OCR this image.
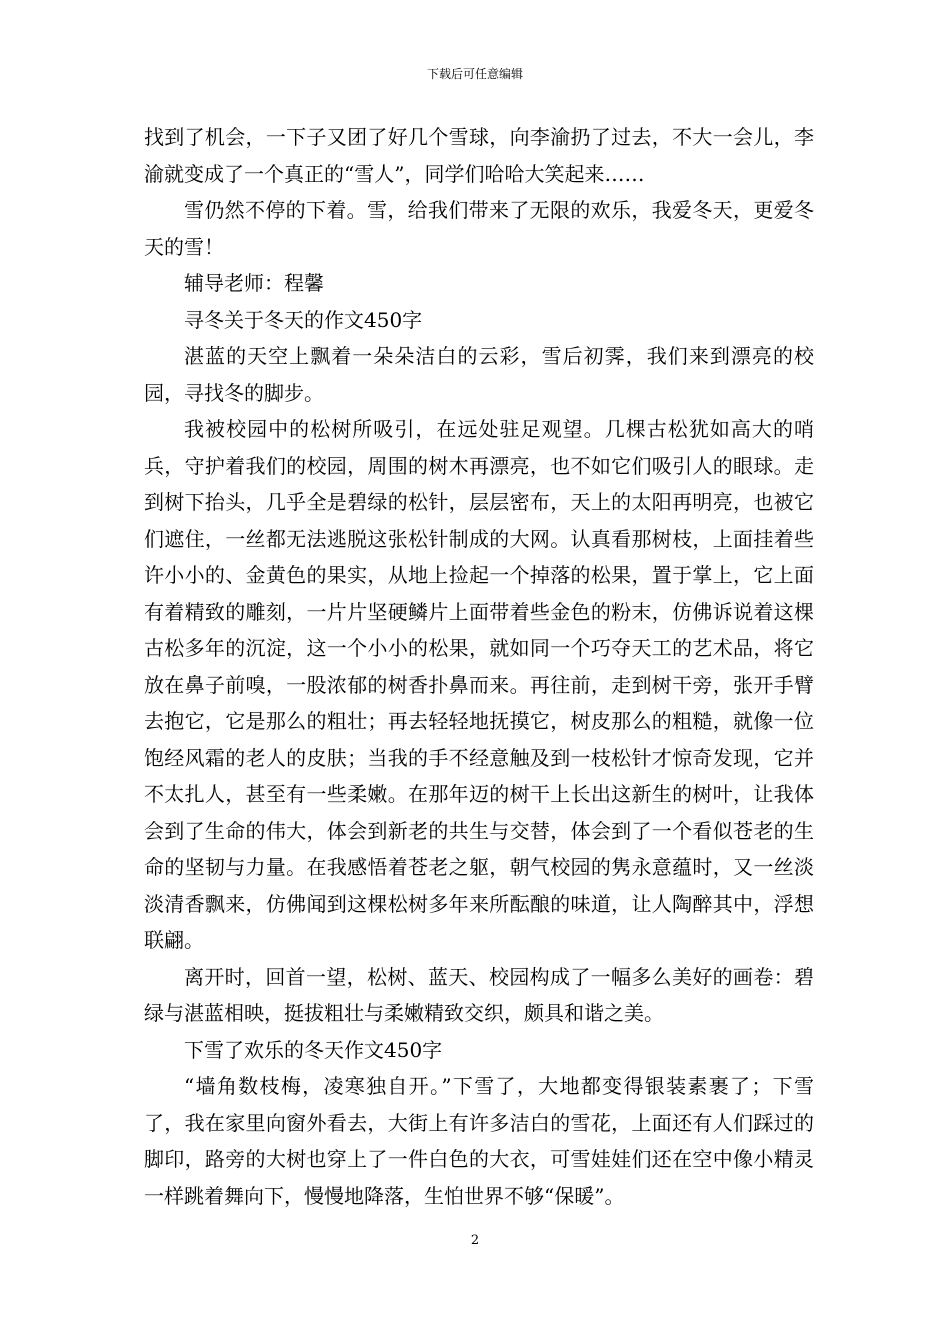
下载后可任意编辑

找到了机会，一下子又团了好几个雪球，向李渝扔了过去，不大一会儿，李渝就变成了一个真正的“雪人”，同学们哈哈大笑起来……

雪仍然不停的下着。雪，给我们带来了无限的欢乐，我爱冬天，更爱冬天的雪！

辅导老师：程馨

寻冬关于冬天的作文450字

湛蓝的天空上飘着一朵朵洁白的云彩，雪后初霁，我们来到漂亮的校园，寻找冬的脚步。

我被校园中的松树所吸引，在远处驻足观望。几棵古松犹如高大的哨兵，守护着我们的校园，周围的树木再漂亮，也不如它们吸引人的眼球。走到树下抬头，几乎全是碧绿的松针，层层密布，天上的太阳再明亮，也被它们遮住，一丝都无法逃脱这张松针制成的大网。认真看那树枝，上面挂着些许小小的、金黄色的果实，从地上捡起一个掉落的松果，置于掌上，它上面有着精致的雕刻，一片片坚硬鳞片上面带着些金色的粉末，仿佛诉说着这棵古松多年的沉淀，这一个小小的松果，就如同一个巧夺天工的艺术品，将它放在鼻子前嗅，一股浓郁的树香扑鼻而来。再往前，走到树干旁，张开手臂去抱它，它是那么的粗壮；再去轻轻地抚摸它，树皮那么的粗糙，就像一位饱经风霜的老人的皮肤；当我的手不经意触及到一枝松针才惊奇发现，它并不太扎人，甚至有一些柔嫩。在那年迈的树干上长出这新生的树叶，让我体会到了生命的伟大，体会到新老的共生与交替，体会到了一个看似苍老的生命的坚韧与力量。在我感悟着苍老之躯，朝气校园的隽永意蕴时，又一丝淡淡清香飘来，仿佛闻到这棵松树多年来所酝酿的味道，让人陶醉其中，浮想联翩。

离开时，回首一望，松树、蓝天、校园构成了一幅多么美好的画卷：碧绿与湛蓝相映，挺拔粗壮与柔嫩精致交织，颇具和谐之美。

下雪了欢乐的冬天作文450字

“墙角数枝梅，凌寒独自开。”下雪了，大地都变得银装素裹了；下雪了，我在家里向窗外看去，大街上有许多洁白的雪花，上面还有人们踩过的脚印，路旁的大树也穿上了一件白色的大衣，可雪娃娃们还在空中像小精灵一样跳着舞向下，慢慢地降落，生怕世界不够“保暖”。

2
